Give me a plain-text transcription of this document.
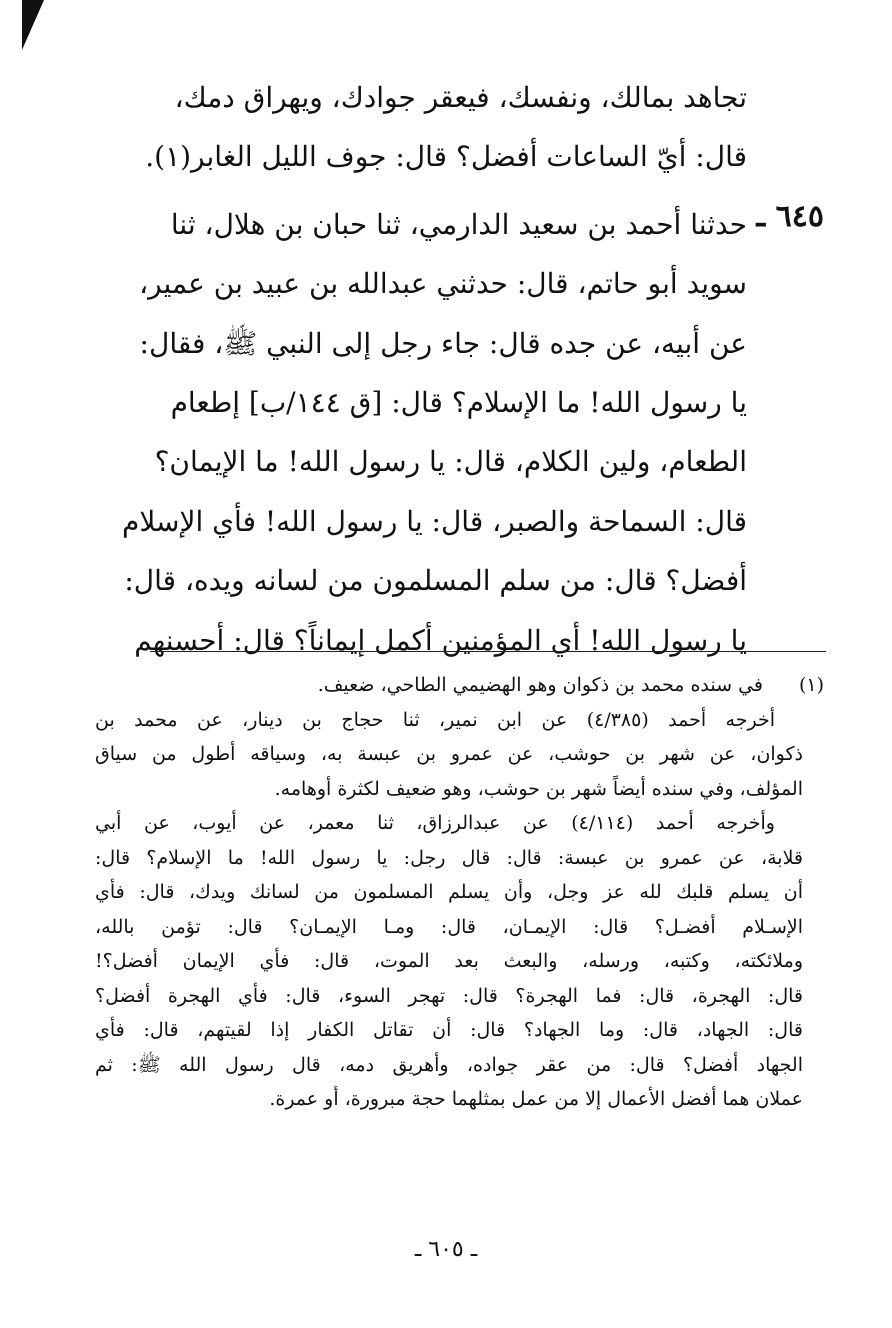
٦٤٥ ـ
تجاهد بمالك، ونفسك، فيعقر جوادك، ويهراق دمك،
قال: أيّ الساعات أفضل؟ قال: جوف الليل الغابر(١).
حدثنا أحمد بن سعيد الدارمي، ثنا حبان بن هلال، ثنا
سويد أبو حاتم، قال: حدثني عبدالله بن عبيد بن عمير،
عن أبيه، عن جده قال: جاء رجل إلى النبي ﷺ، فقال:
يا رسول الله! ما الإسلام؟ قال: [ق ١٤٤/ب] إطعام
الطعام، ولين الكلام، قال: يا رسول الله! ما الإيمان؟
قال: السماحة والصبر، قال: يا رسول الله! فأي الإسلام
أفضل؟ قال: من سلم المسلمون من لسانه ويده، قال:
يا رسول الله! أي المؤمنين أكمل إيماناً؟ قال: أحسنهم
(١)
في سنده محمد بن ذكوان وهو الهضيمي الطاحي، ضعيف.
أخرجه أحمد (٤/٣٨٥) عن ابن نمير، ثنا حجاج بن دينار، عن محمد بن
ذكوان، عن شهر بن حوشب، عن عمرو بن عبسة به، وسياقه أطول من سياق
المؤلف، وفي سنده أيضاً شهر بن حوشب، وهو ضعيف لكثرة أوهامه.
وأخرجه أحمد (٤/١١٤) عن عبدالرزاق، ثنا معمر، عن أيوب، عن أبي
قلابة، عن عمرو بن عبسة: قال: قال رجل: يا رسول الله! ما الإسلام؟ قال:
أن يسلم قلبك لله عز وجل، وأن يسلم المسلمون من لسانك ويدك، قال: فأي
الإسـلام أفضـل؟ قال: الإيمـان، قال: ومـا الإيمـان؟ قال: تؤمن بالله،
وملائكته، وكتبه، ورسله، والبعث بعد الموت، قال: فأي الإيمان أفضل؟!
قال: الهجرة، قال: فما الهجرة؟ قال: تهجر السوء، قال: فأي الهجرة أفضل؟
قال: الجهاد، قال: وما الجهاد؟ قال: أن تقاتل الكفار إذا لقيتهم، قال: فأي
الجهاد أفضل؟ قال: من عقر جواده، وأهريق دمه، قال رسول الله ﷺ: ثم
عملان هما أفضل الأعمال إلا من عمل بمثلهما حجة مبرورة، أو عمرة.
ـ ٦٠٥ ـ
